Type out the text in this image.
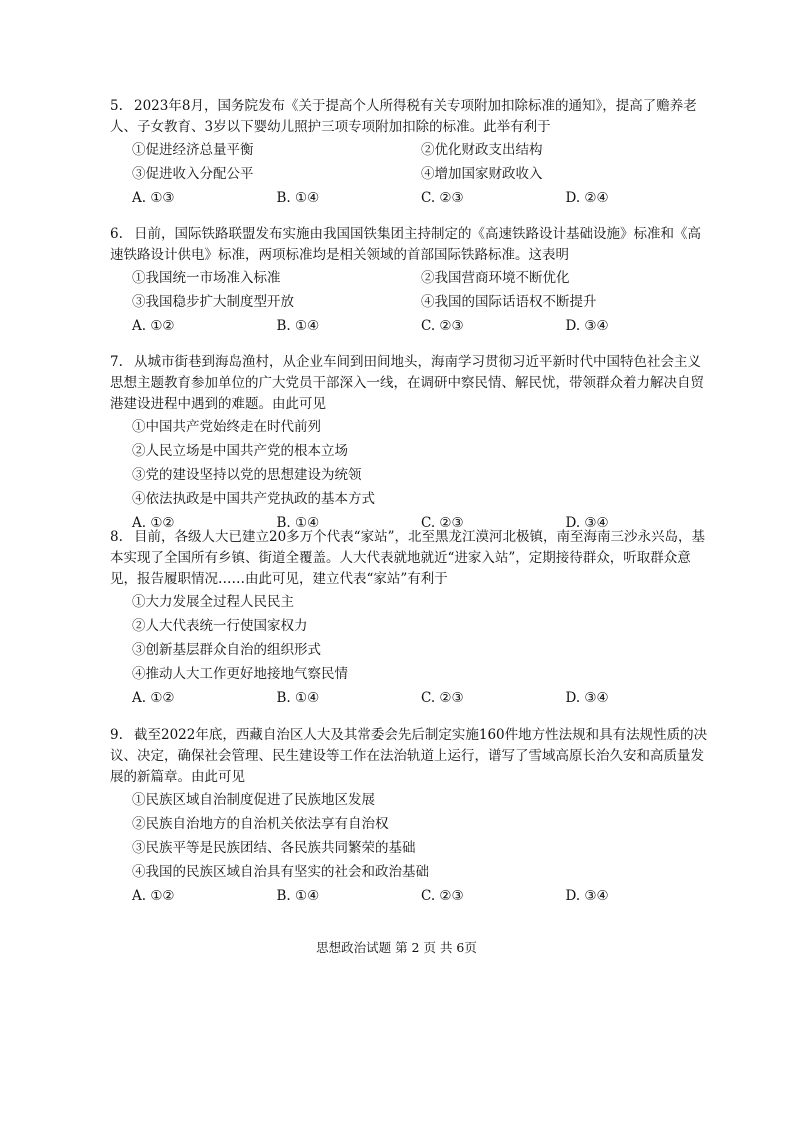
5. 2023年8月，国务院发布《关于提高个人所得税有关专项附加扣除标准的通知》，提高了赡养老人、子女教育、3岁以下婴幼儿照护三项专项附加扣除的标准。此举有利于
①促进经济总量平衡	②优化财政支出结构
③促进收入分配公平	④增加国家财政收入
A. ①③	B. ①④	C. ②③	D. ②④
6. 日前，国际铁路联盟发布实施由我国国铁集团主持制定的《高速铁路设计基础设施》标准和《高速铁路设计供电》标准，两项标准均是相关领域的首部国际铁路标准。这表明
①我国统一市场准入标准	②我国营商环境不断优化
③我国稳步扩大制度型开放	④我国的国际话语权不断提升
A. ①②	B. ①④	C. ②③	D. ③④
7. 从城市街巷到海岛渔村，从企业车间到田间地头，海南学习贯彻习近平新时代中国特色社会主义思想主题教育参加单位的广大党员干部深入一线，在调研中察民情、解民忧，带领群众着力解决自贸港建设进程中遇到的难题。由此可见
①中国共产党始终走在时代前列
②人民立场是中国共产党的根本立场
③党的建设坚持以党的思想建设为统领
④依法执政是中国共产党执政的基本方式
A. ①②	B. ①④	C. ②③	D. ③④
8. 目前，各级人大已建立20多万个代表“家站”，北至黑龙江漠河北极镇，南至海南三沙永兴岛，基本实现了全国所有乡镇、街道全覆盖。人大代表就地就近“进家入站”，定期接待群众，听取群众意见，报告履职情况……由此可见，建立代表“家站”有利于
①大力发展全过程人民民主
②人大代表统一行使国家权力
③创新基层群众自治的组织形式
④推动人大工作更好地接地气察民情
A. ①②	B. ①④	C. ②③	D. ③④
9. 截至2022年底，西藏自治区人大及其常委会先后制定实施160件地方性法规和具有法规性质的决议、决定，确保社会管理、民生建设等工作在法治轨道上运行，谱写了雪域高原长治久安和高质量发展的新篇章。由此可见
①民族区域自治制度促进了民族地区发展
②民族自治地方的自治机关依法享有自治权
③民族平等是民族团结、各民族共同繁荣的基础
④我国的民族区域自治具有坚实的社会和政治基础
A. ①②	B. ①④	C. ②③	D. ③④
思想政治试题 第 2 页 共 6页
